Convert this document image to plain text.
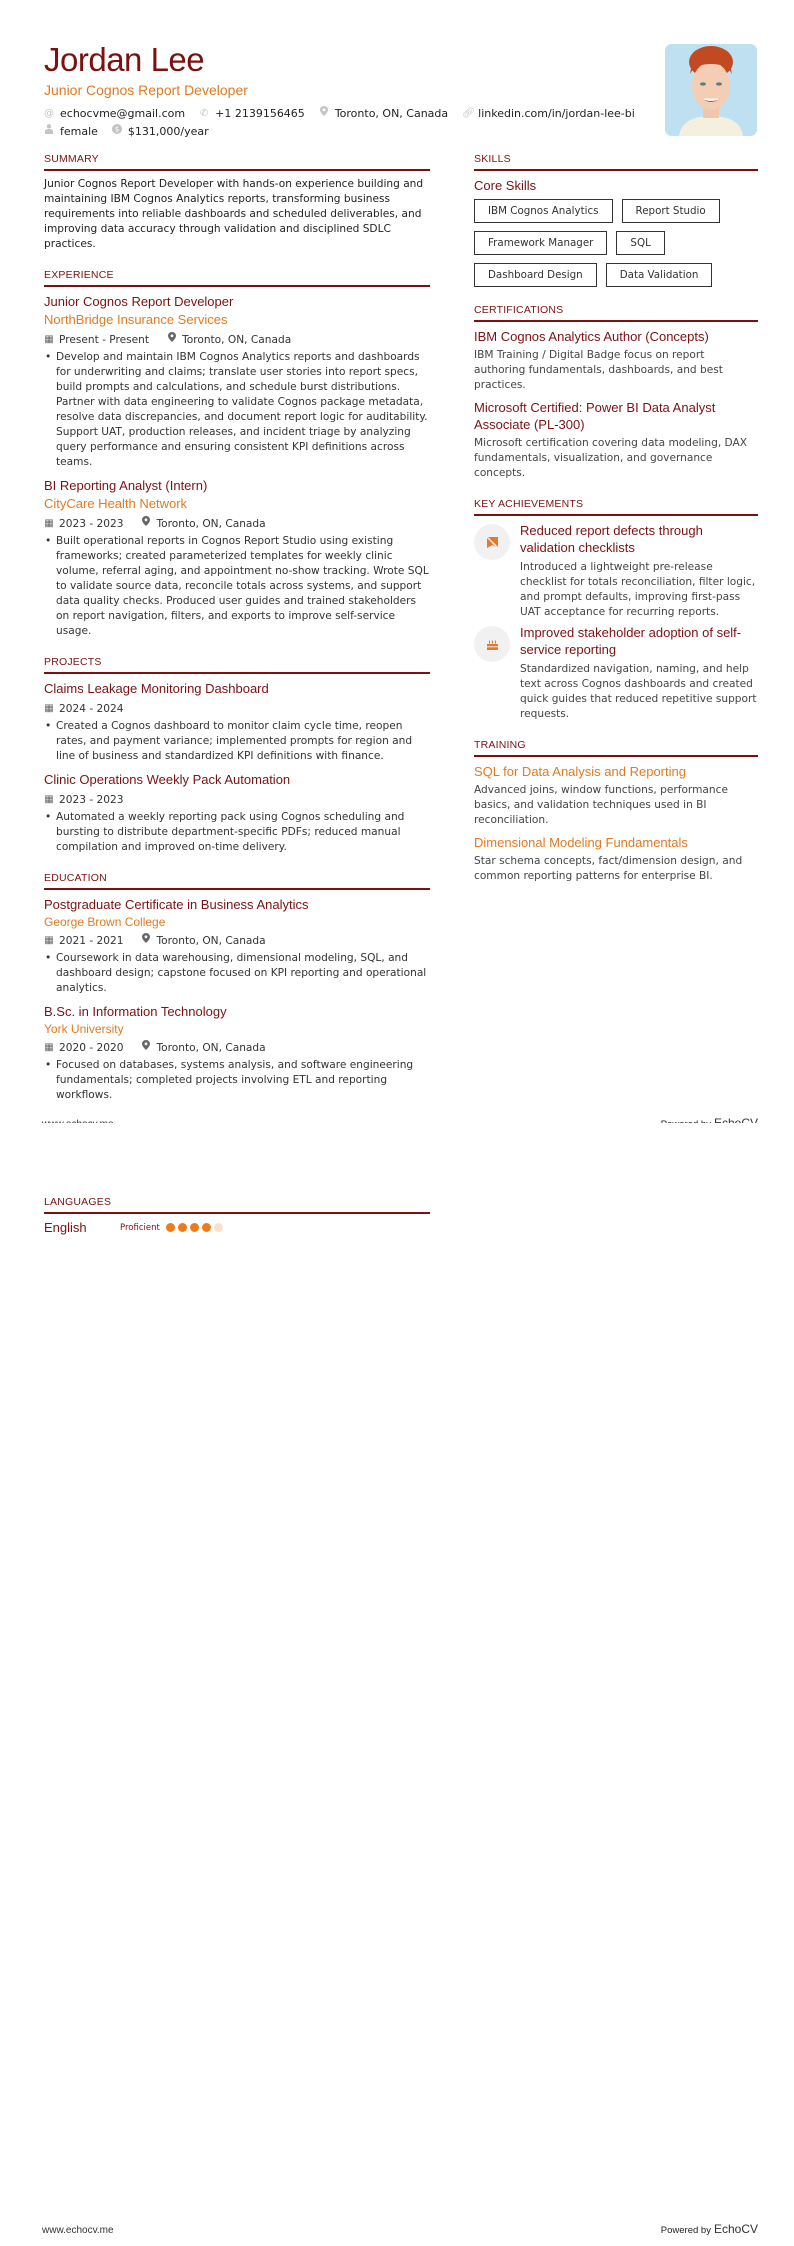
Jordan Lee
Junior Cognos Report Developer
@ echocvme@gmail.com ✆ +1 2139156465	Toronto, ON, Canada 🔗︎ linkedin.com/in/jordan-lee-bi
female $ $131,000/year
SUMMARY
Junior Cognos Report Developer with hands-on experience building and maintaining IBM Cognos Analytics reports, transforming business requirements into reliable dashboards and scheduled deliverables, and improving data accuracy through validation and disciplined SDLC practices.
EXPERIENCE
Junior Cognos Report Developer
NorthBridge Insurance Services
▦ Present - Present	Toronto, ON, Canada
• Develop and maintain IBM Cognos Analytics reports and dashboards for underwriting and claims; translate user stories into report specs, build prompts and calculations, and schedule burst distributions. Partner with data engineering to validate Cognos package metadata, resolve data discrepancies, and document report logic for auditability. Support UAT, production releases, and incident triage by analyzing query performance and ensuring consistent KPI definitions across teams.
BI Reporting Analyst (Intern)
CityCare Health Network
▦ 2023 - 2023	Toronto, ON, Canada
• Built operational reports in Cognos Report Studio using existing frameworks; created parameterized templates for weekly clinic volume, referral aging, and appointment no-show tracking. Wrote SQL to validate source data, reconcile totals across systems, and support data quality checks. Produced user guides and trained stakeholders on report navigation, filters, and exports to improve self-service usage.
PROJECTS
Claims Leakage Monitoring Dashboard
▦ 2024 - 2024
• Created a Cognos dashboard to monitor claim cycle time, reopen rates, and payment variance; implemented prompts for region and line of business and standardized KPI definitions with finance.
Clinic Operations Weekly Pack Automation
▦ 2023 - 2023
• Automated a weekly reporting pack using Cognos scheduling and bursting to distribute department-specific PDFs; reduced manual compilation and improved on-time delivery.
EDUCATION
Postgraduate Certificate in Business Analytics
George Brown College
▦ 2021 - 2021	Toronto, ON, Canada
• Coursework in data warehousing, dimensional modeling, SQL, and dashboard design; capstone focused on KPI reporting and operational analytics.
B.Sc. in Information Technology
York University
▦ 2020 - 2020	Toronto, ON, Canada
• Focused on databases, systems analysis, and software engineering fundamentals; completed projects involving ETL and reporting workflows.
SKILLS
Core Skills
IBM Cognos Analytics	Report Studio
Framework Manager	SQL
Dashboard Design	Data Validation
CERTIFICATIONS
IBM Cognos Analytics Author (Concepts)
IBM Training / Digital Badge focus on report authoring fundamentals, dashboards, and best practices.
Microsoft Certified: Power BI Data Analyst Associate (PL-300)
Microsoft certification covering data modeling, DAX fundamentals, visualization, and governance concepts.
KEY ACHIEVEMENTS
Reduced report defects through validation checklists
Introduced a lightweight pre-release checklist for totals reconciliation, filter logic, and prompt defaults, improving first-pass UAT acceptance for recurring reports.
Improved stakeholder adoption of self-service reporting
Standardized navigation, naming, and help text across Cognos dashboards and created quick guides that reduced repetitive support requests.
TRAINING
SQL for Data Analysis and Reporting
Advanced joins, window functions, performance basics, and validation techniques used in BI reconciliation.
Dimensional Modeling Fundamentals
Star schema concepts, fact/dimension design, and common reporting patterns for enterprise BI.
LANGUAGES
English	Proficient
www.echocv.me	Powered by EchoCV
